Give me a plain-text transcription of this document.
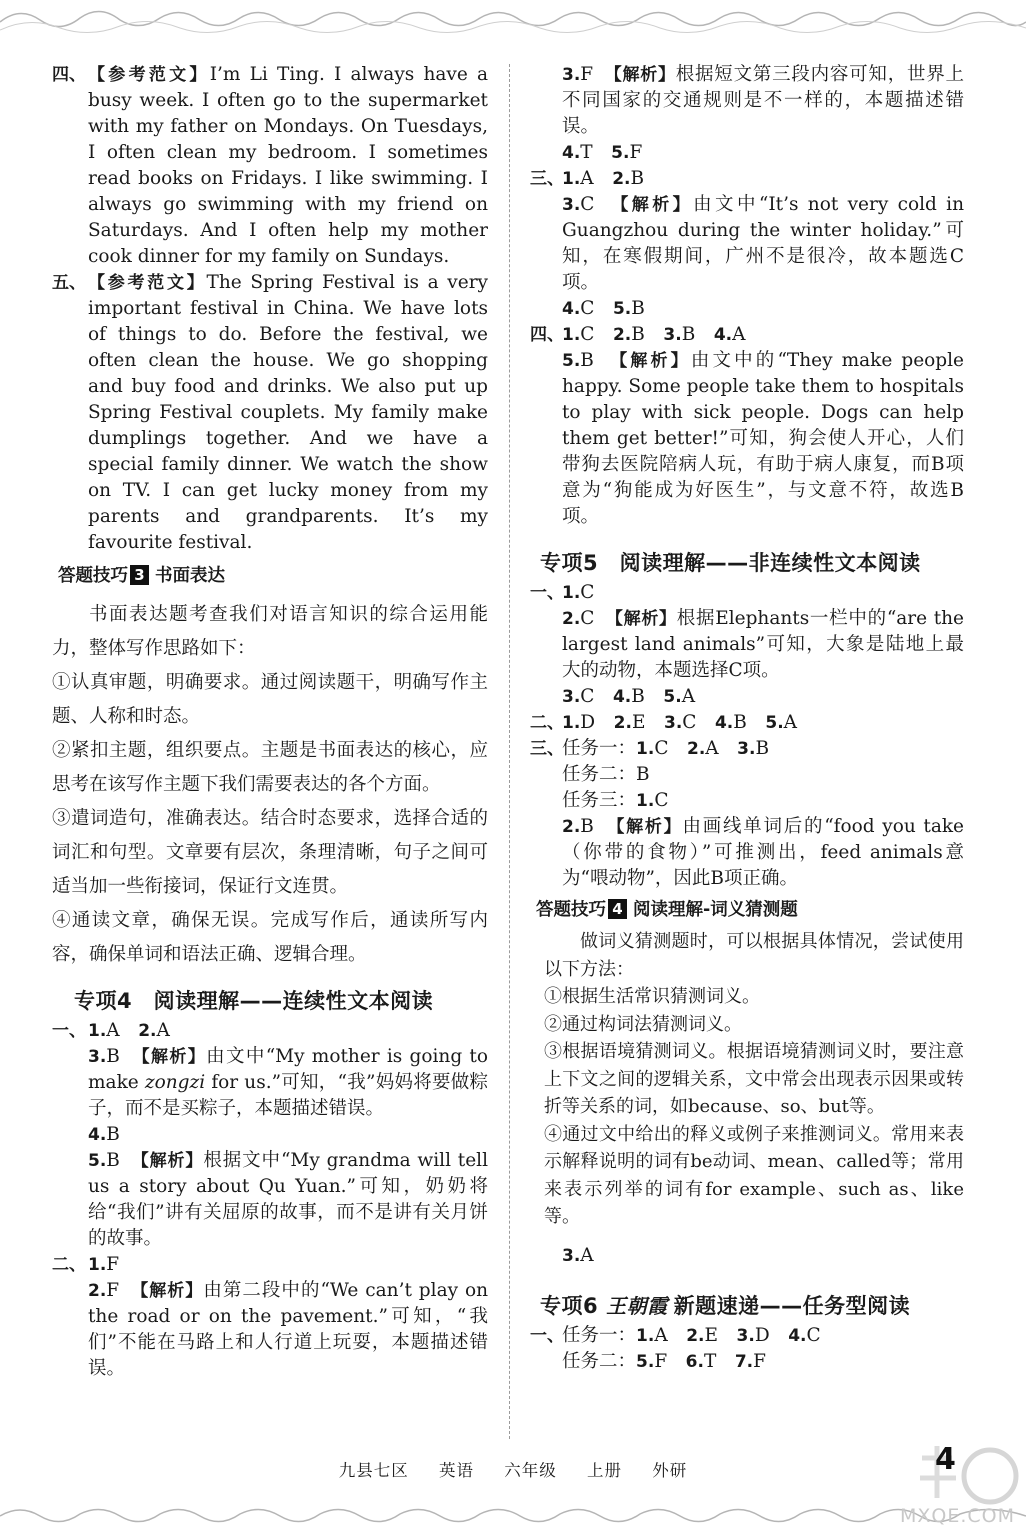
四、 【参考范文】I’m Li Ting. I always have a busy week. I often go to the supermarket with my father on Mondays. On Tuesdays, I often clean my bedroom. I sometimes read books on Fridays. I like swimming. I always go swimming with my friend on Saturdays. And I often help my mother cook dinner for my family on Sundays.
五、 【参考范文】The Spring Festival is a very important festival in China. We have lots of things to do. Before the festival, we often clean the house. We go shopping and buy food and drinks. We also put up Spring Festival couplets. My family make dumplings together. And we have a special family dinner. We watch the show on TV. I can get lucky money from my parents and grandparents. It’s my favourite festival.
答题技巧 3 书面表达
书面表达题考查我们对语言知识的综合运用能力，整体写作思路如下：
①认真审题，明确要求。通过阅读题干，明确写作主题、人称和时态。
②紧扣主题，组织要点。主题是书面表达的核心，应思考在该写作主题下我们需要表达的各个方面。
③遣词造句，准确表达。结合时态要求，选择合适的词汇和句型。文章要有层次，条理清晰，句子之间可适当加一些衔接词，保证行文连贯。
④通读文章，确保无误。完成写作后，通读所写内容，确保单词和语法正确、逻辑合理。
专项4　阅读理解——连续性文本阅读
一、 1.A　 2.A
3.B　 【解析】由文中“My mother is going to make zongzi for us.”可知，“我”妈妈将要做粽子，而不是买粽子，本题描述错误。
4.B
5.B　 【解析】根据文中“My grandma will tell us a story about Qu Yuan.”可知，奶奶将给“我们”讲有关屈原的故事，而不是讲有关月饼的故事。
二、 1.F
2.F　 【解析】由第二段中的“We can’t play on the road or on the pavement.”可知，“我们”不能在马路上和人行道上玩耍，本题描述错误。
3.F　 【解析】根据短文第三段内容可知，世界上不同国家的交通规则是不一样的，本题描述错误。
4.T　 5.F
三、
1.A　 2.B
3.C　 【解析】由文中“It’s not very cold in Guangzhou during the winter holiday.”可知，在寒假期间，广州不是很冷，故本题选C项。
4.C　 5.B
四、
1.C　 2.B　 3.B　 4.A
5.B　 【解析】由文中的“They make people happy. Some people take them to hospitals to play with sick people. Dogs can help them get better!”可知，狗会使人开心，人们带狗去医院陪病人玩，有助于病人康复，而B项意为“狗能成为好医生”，与文意不符，故选B项。
专项5　阅读理解——非连续性文本阅读
一、
1.C
2.C　 【解析】根据Elephants一栏中的“are the largest land animals”可知，大象是陆地上最大的动物，本题选择C项。
3.C　 4.B　 5.A
二、
1.D　 2.E　 3.C　 4.B　 5.A
三、
任务一：1.C　 2.A　 3.B
任务二：B
任务三：1.C
2.B　 【解析】由画线单词后的“food you take（你带的食物）”可推测出，feed animals意为“喂动物”，因此B项正确。
答题技巧 4 阅读理解-词义猜测题
做词义猜测题时，可以根据具体情况，尝试使用以下方法：
①根据生活常识猜测词义。
②通过构词法猜测词义。
③根据语境猜测词义。根据语境猜测词义时，要注意上下文之间的逻辑关系，文中常会出现表示因果或转折等关系的词，如because、so、but等。
④通过文中给出的释义或例子来推测词义。常用来表示解释说明的词有be动词、mean、called等；常用来表示列举的词有for example、such as、like等。
3.A
专项6 王朝霞 新题速递——任务型阅读
一、
任务一：1.A　 2.E　 3.D　 4.C
任务二：5.F　 6.T　 7.F
九县七区 英语 六年级 上册 外研	4
MXQE.COM
